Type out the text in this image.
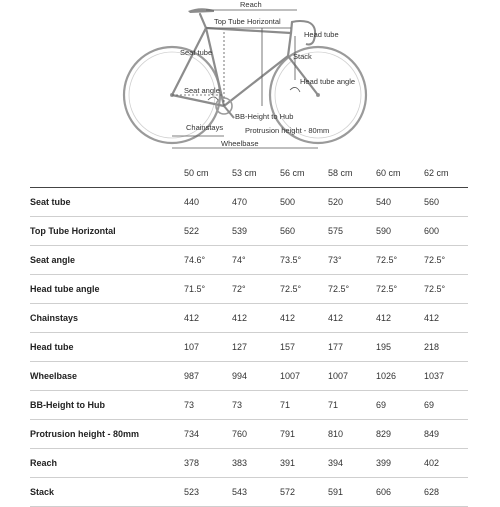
Reach
Top Tube Horizontal
Head tube
Seat tube	Stack
Head tube angle
Seat angle
Chainstays
BB-Height to Hub
Protrusion height - 80mm
Wheelbase
	50 cm	53 cm	56 cm	58 cm	60 cm	62 cm
Seat tube	440	470	500	520	540	560
Top Tube Horizontal	522	539	560	575	590	600
Seat angle	74.6°	74°	73.5°	73°	72.5°	72.5°
Head tube angle	71.5°	72°	72.5°	72.5°	72.5°	72.5°
Chainstays	412	412	412	412	412	412
Head tube	107	127	157	177	195	218
Wheelbase	987	994	1007	1007	1026	1037
BB-Height to Hub	73	73	71	71	69	69
Protrusion height - 80mm	734	760	791	810	829	849
Reach	378	383	391	394	399	402
Stack	523	543	572	591	606	628
